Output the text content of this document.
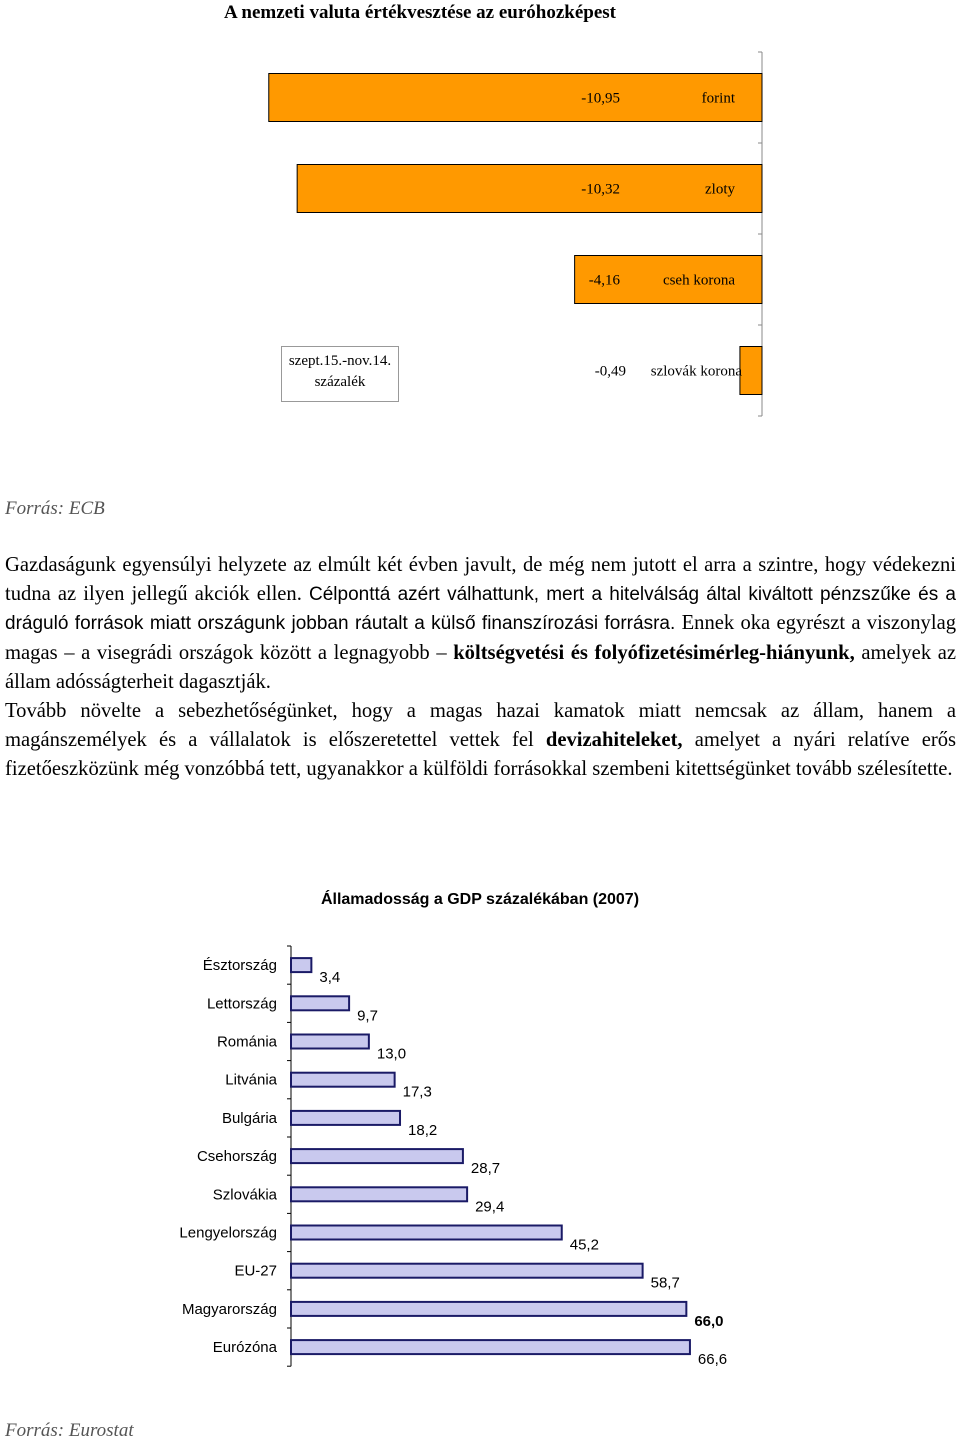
A nemzeti valuta értékvesztése az euróhozképest
forint
-10,95
zloty
-10,32
cseh korona
-4,16
szlovák korona
-0,49
szept.15.-nov.14.
százalék
Forrás: ECB

Gazdaságunk egyensúlyi helyzete az elmúlt két évben javult, de még nem jutott el arra a szintre, hogy védekezni tudna az ilyen jellegű akciók ellen. Célponttá azért válhattunk, mert a hitelválság által kiváltott pénzszűke és a dráguló források miatt országunk jobban ráutalt a külső finanszírozási forrásra. Ennek oka egyrészt a viszonylag magas – a visegrádi országok között a legnagyobb – költségvetési és folyófizetésimérleg-hiányunk, amelyek az állam adósságterheit dagasztják.

Tovább növelte a sebezhetőségünket, hogy a magas hazai kamatok miatt nemcsak az állam, hanem a magánszemélyek és a vállalatok is előszeretettel vettek fel devizahiteleket, amelyet a nyári relatíve erős fizetőeszközünk még vonzóbbá tett, ugyanakkor a külföldi forrásokkal szembeni kitettségünket tovább szélesítette.

Államadosság a GDP százalékában (2007)
Észtország
3,4
Lettország
9,7
Románia
13,0
Litvánia
17,3
Bulgária
18,2
Csehország
28,7
Szlovákia
29,4
Lengyelország
45,2
EU-27
58,7
Magyarország
66,0
Eurózóna
66,6
Forrás: Eurostat
